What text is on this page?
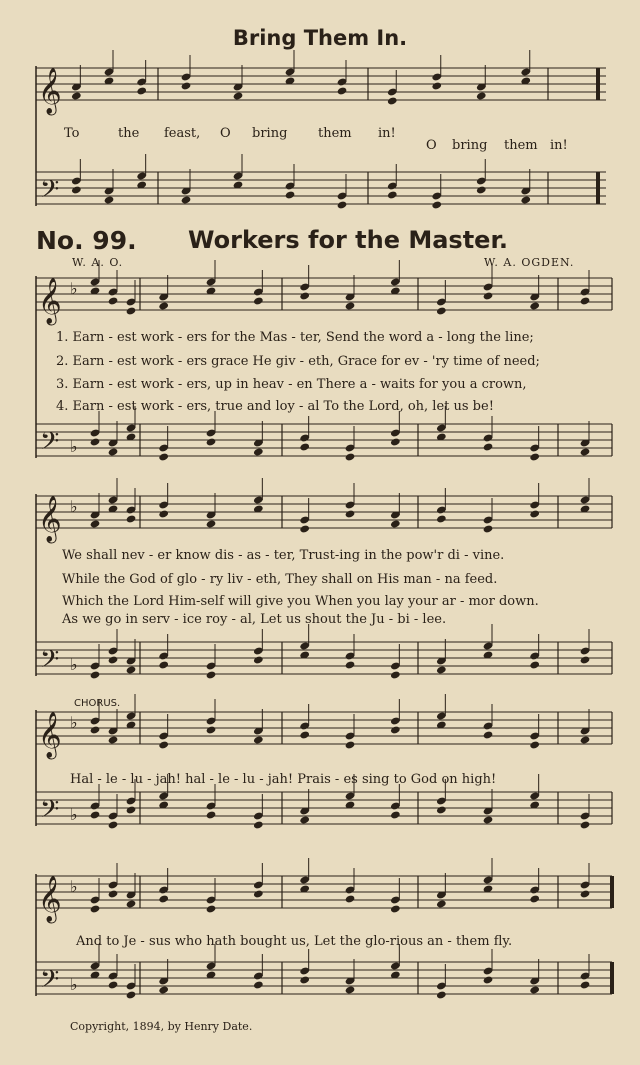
Bring Them In.
No. 99. Workers for the Master.
W. A. O.	W. A. OGDEN.
To	the feast, O bring them in!
O bring them in!
1. Earn - est work - ers for the Mas - ter, Send the word a - long the line;
2. Earn - est work - ers grace He giv - eth, Grace for ev - 'ry time of need;
3. Earn - est work - ers, up in heav - en There a - waits for you a crown,
4. Earn - est work - ers, true and loy - al To the Lord, oh, let us be!
We shall nev - er know dis - as - ter, Trust-ing in the pow'r di - vine.
While the God of glo - ry liv - eth, They shall on His man - na feed.
Which the Lord Him-self will give you When you lay your ar - mor down.
As we go in serv - ice roy - al, Let us shout the Ju - bi - lee.
CHORUS.
Hal - le - lu - jah! hal - le - lu - jah! Prais - es sing to God on high!
And to Je - sus who hath bought us, Let the glo-rious an - them fly.
Copyright, 1894, by Henry Date.
𝄞
𝄢
𝄞
𝄢
♭
♭
𝄞
𝄢
♭
♭
𝄞
𝄢
♭
♭
𝄞
𝄢
♭
♭
